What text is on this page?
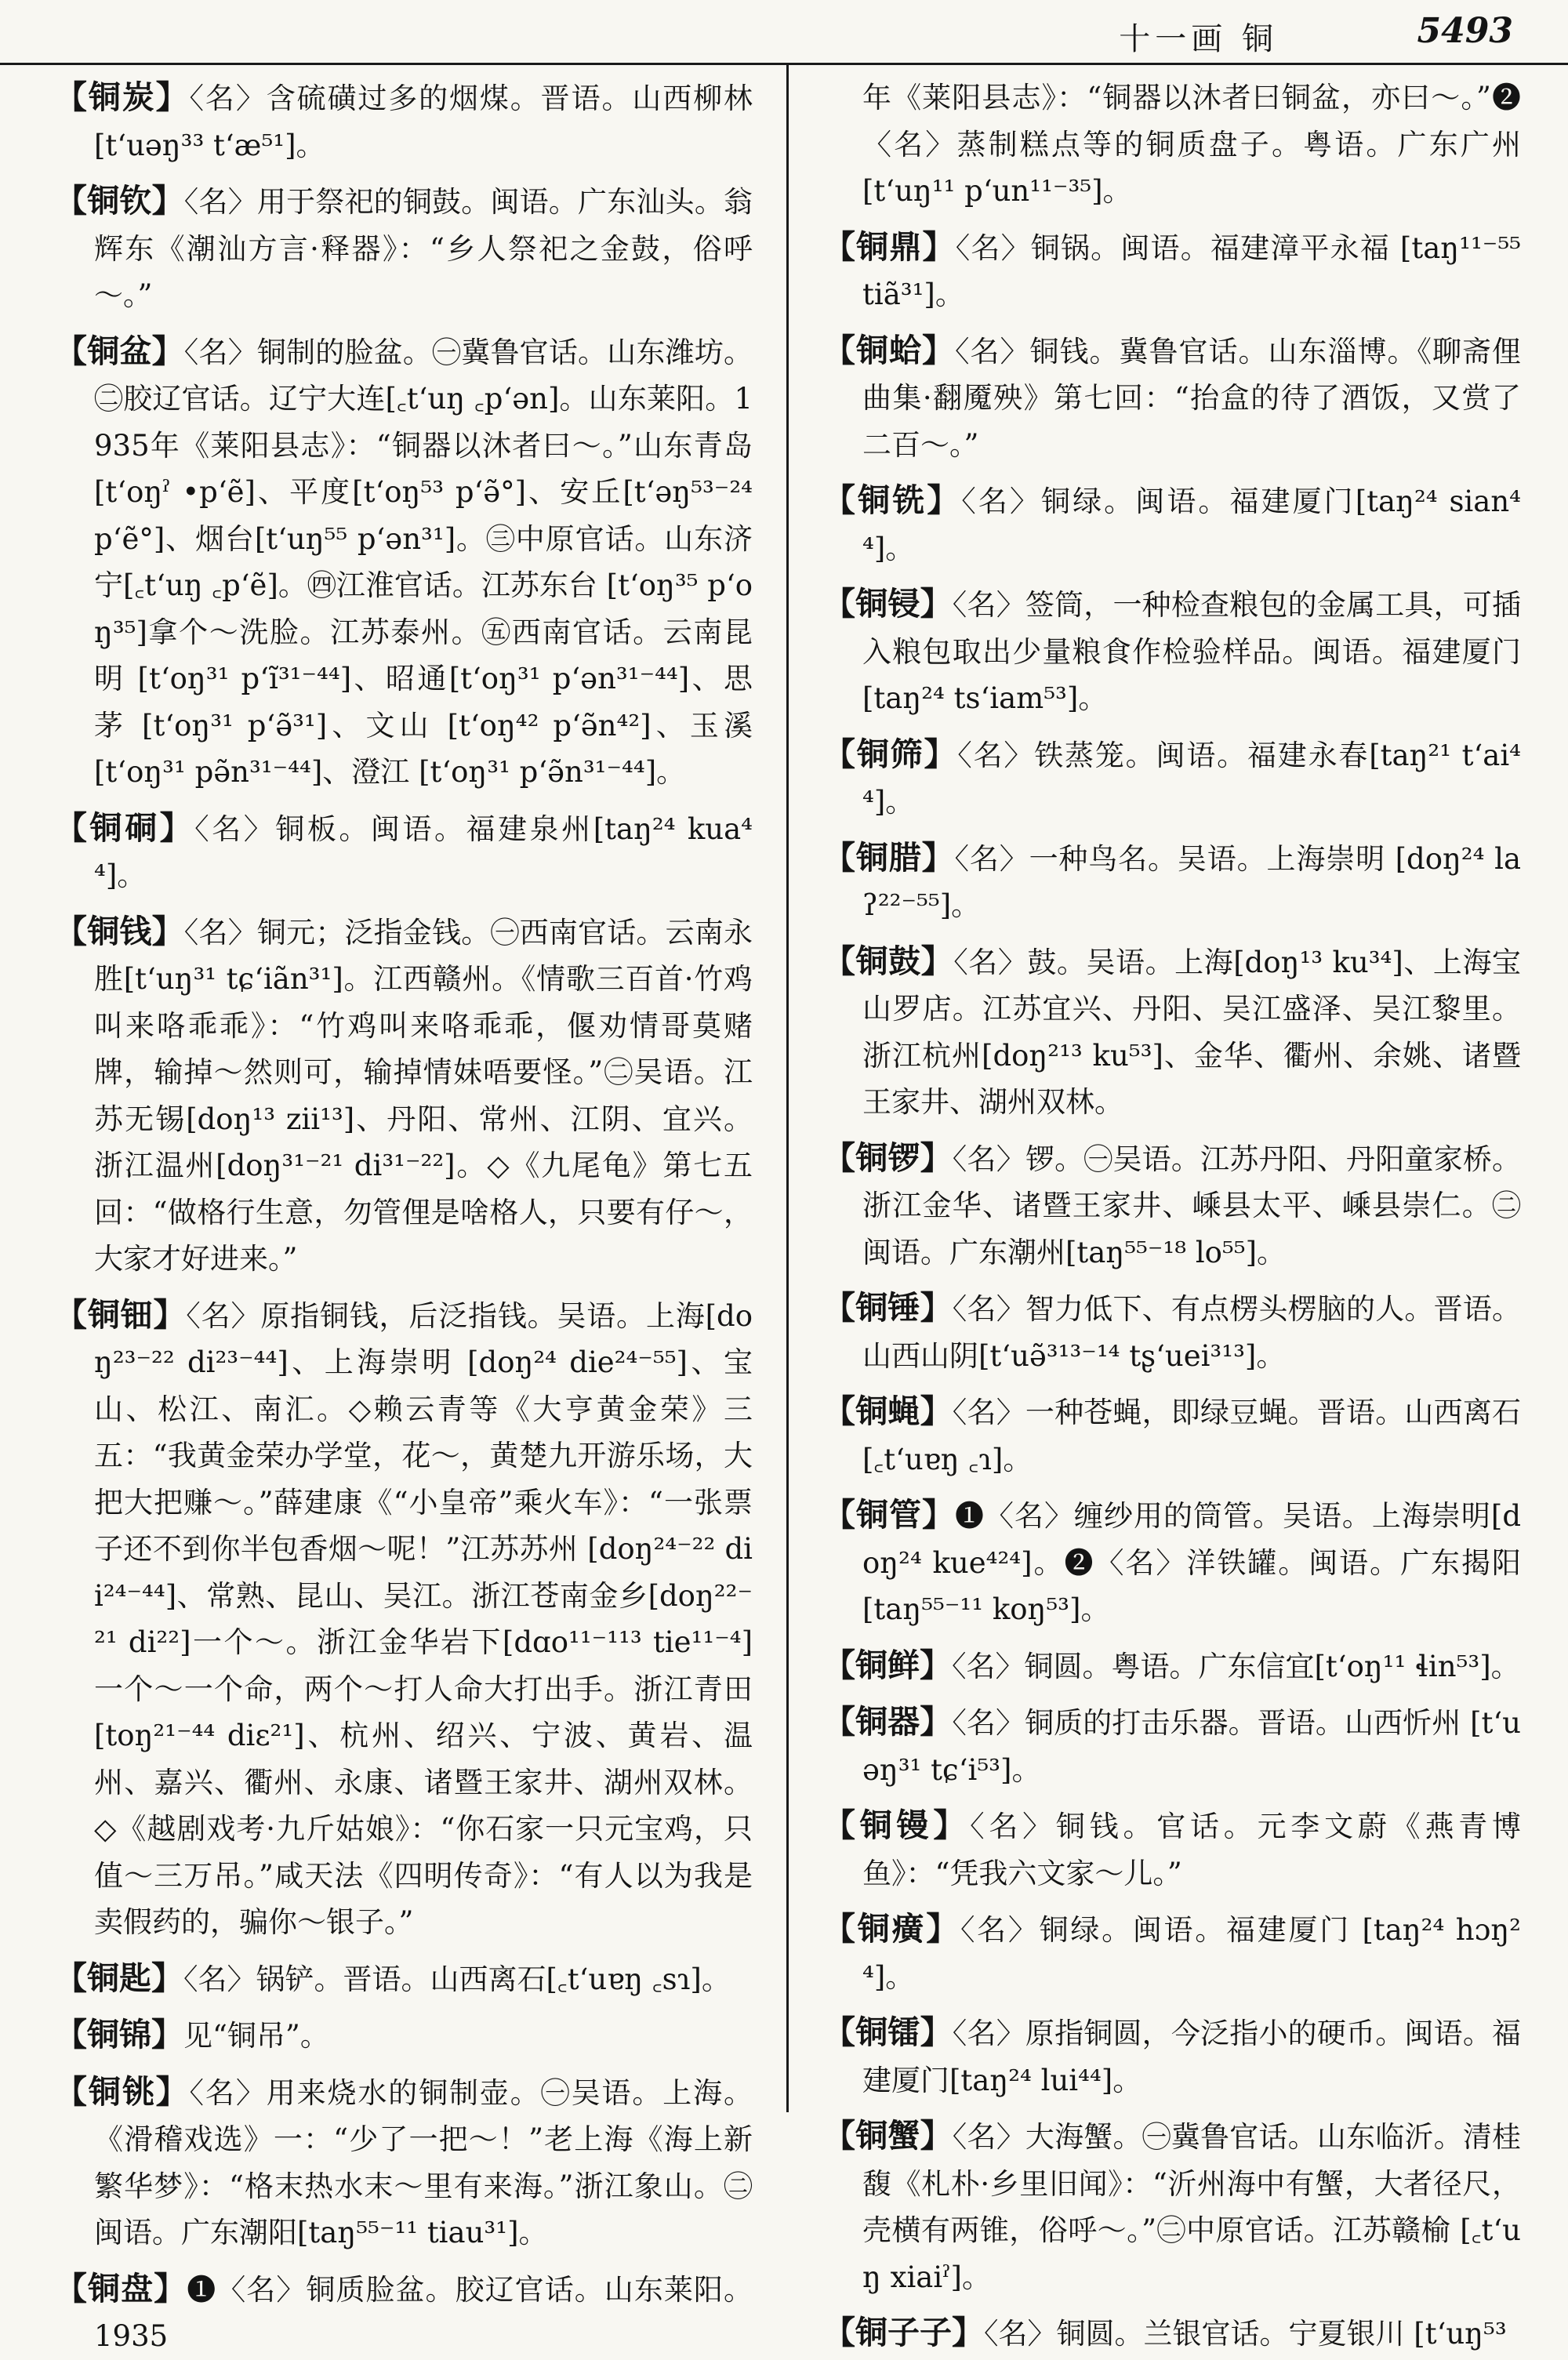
十一画 铜	5493

【铜炭】〈名〉含硫磺过多的烟煤。晋语。山西柳林[t‘uəŋ³³ t‘æ⁵¹]。

【铜钦】〈名〉用于祭祀的铜鼓。闽语。广东汕头。翁辉东《潮汕方言·释器》：“乡人祭祀之金鼓，俗呼～。”

【铜盆】〈名〉铜制的脸盆。㊀冀鲁官话。山东潍坊。㊁胶辽官话。辽宁大连[꜀t‘uŋ ꜀p‘ən]。山东莱阳。1935年《莱阳县志》：“铜器以沐者曰～。”山东青岛 [t‘oŋˀ •p‘ẽ]、平度[t‘oŋ⁵³ p‘ə̃°]、安丘[t‘əŋ⁵³⁻²⁴ p‘ẽ°]、烟台[t‘uŋ⁵⁵ p‘ən³¹]。㊂中原官话。山东济宁[꜀t‘uŋ ꜀p‘ẽ]。㊃江淮官话。江苏东台 [t‘oŋ³⁵ p‘oŋ³⁵]拿个～洗脸。江苏泰州。㊄西南官话。云南昆明 [t‘oŋ³¹ p‘ĩ³¹⁻⁴⁴]、昭通[t‘oŋ³¹ p‘ən³¹⁻⁴⁴]、思茅 [t‘oŋ³¹ p‘ə̃³¹]、文山 [t‘oŋ⁴² p‘ə̃n⁴²]、玉溪 [t‘oŋ³¹ pə̃n³¹⁻⁴⁴]、澄江 [t‘oŋ³¹ p‘ə̃n³¹⁻⁴⁴]。

【铜硐】〈名〉铜板。闽语。福建泉州[taŋ²⁴ kua⁴⁴]。

【铜钱】〈名〉铜元；泛指金钱。㊀西南官话。云南永胜[t‘uŋ³¹ tɕ‘iãn³¹]。江西赣州。《情歌三百首·竹鸡叫来咯乖乖》：“竹鸡叫来咯乖乖，偃劝情哥莫赌牌，输掉～然则可，输掉情妹唔要怪。”㊁吴语。江苏无锡[doŋ¹³ zii¹³]、丹阳、常州、江阴、宜兴。浙江温州[doŋ³¹⁻²¹ di³¹⁻²²]。◇《九尾龟》第七五回：“做格行生意，勿管俚是啥格人，只要有仔～，大家才好进来。”

【铜钿】〈名〉原指铜钱，后泛指钱。吴语。上海[doŋ²³⁻²² di²³⁻⁴⁴]、上海崇明 [doŋ²⁴ die²⁴⁻⁵⁵]、宝山、松江、南汇。◇赖云青等《大亨黄金荣》三五：“我黄金荣办学堂，花～，黄楚九开游乐场，大把大把赚～。”薛建康《“小皇帝”乘火车》：“一张票子还不到你半包香烟～呢！”江苏苏州 [doŋ²⁴⁻²² dii²⁴⁻⁴⁴]、常熟、昆山、吴江。浙江苍南金乡[doŋ²²⁻²¹ di²²]一个～。浙江金华岩下[dɑo¹¹⁻¹¹³ tie¹¹⁻⁴]一个～一个命，两个～打人命大打出手。浙江青田[toŋ²¹⁻⁴⁴ diɛ²¹]、杭州、绍兴、宁波、黄岩、温州、嘉兴、衢州、永康、诸暨王家井、湖州双林。◇《越剧戏考·九斤姑娘》：“你石家一只元宝鸡，只值～三万吊。”咸天法《四明传奇》：“有人以为我是卖假药的，骗你～银子。”

【铜匙】〈名〉锅铲。晋语。山西离石[꜀t‘uɐŋ ꜀sɿ]。

【铜锦】见“铜吊”。

【铜铫】〈名〉用来烧水的铜制壶。㊀吴语。上海。《滑稽戏选》一：“少了一把～！”老上海《海上新繁华梦》：“格末热水末～里有来海。”浙江象山。㊁闽语。广东潮阳[taŋ⁵⁵⁻¹¹ tiau³¹]。

【铜盘】❶〈名〉铜质脸盆。胶辽官话。山东莱阳。1935

年《莱阳县志》：“铜器以沐者曰铜盆，亦曰～。”❷〈名〉蒸制糕点等的铜质盘子。粤语。广东广州 [t‘uŋ¹¹ p‘un¹¹⁻³⁵]。

【铜鼎】〈名〉铜锅。闽语。福建漳平永福 [taŋ¹¹⁻⁵⁵ tiã³¹]。

【铜蛤】〈名〉铜钱。冀鲁官话。山东淄博。《聊斋俚曲集·翻魇殃》第七回：“抬盒的待了酒饭，又赏了二百～。”

【铜铣】〈名〉铜绿。闽语。福建厦门[taŋ²⁴ sian⁴⁴]。

【铜锓】〈名〉签筒，一种检查粮包的金属工具，可插入粮包取出少量粮食作检验样品。闽语。福建厦门 [taŋ²⁴ ts‘iam⁵³]。

【铜筛】〈名〉铁蒸笼。闽语。福建永春[taŋ²¹ t‘ai⁴⁴]。

【铜腊】〈名〉一种鸟名。吴语。上海崇明 [doŋ²⁴ laʔ²²⁻⁵⁵]。

【铜鼓】〈名〉鼓。吴语。上海[doŋ¹³ ku³⁴]、上海宝山罗店。江苏宜兴、丹阳、吴江盛泽、吴江黎里。浙江杭州[doŋ²¹³ ku⁵³]、金华、衢州、余姚、诸暨王家井、湖州双林。

【铜锣】〈名〉锣。㊀吴语。江苏丹阳、丹阳童家桥。浙江金华、诸暨王家井、嵊县太平、嵊县崇仁。㊁闽语。广东潮州[taŋ⁵⁵⁻¹⁸ lo⁵⁵]。

【铜锤】〈名〉智力低下、有点楞头楞脑的人。晋语。山西山阴[t‘uə̃³¹³⁻¹⁴ tʂ‘uei³¹³]。

【铜蝇】〈名〉一种苍蝇，即绿豆蝇。晋语。山西离石[꜀t‘uɐŋ ꜀ɿ]。

【铜管】❶〈名〉缠纱用的筒管。吴语。上海崇明[doŋ²⁴ kue⁴²⁴]。❷〈名〉洋铁罐。闽语。广东揭阳 [taŋ⁵⁵⁻¹¹ koŋ⁵³]。

【铜鲜】〈名〉铜圆。粤语。广东信宜[t‘oŋ¹¹ ɬin⁵³]。

【铜器】〈名〉铜质的打击乐器。晋语。山西忻州 [t‘uəŋ³¹ tɕ‘i⁵³]。

【铜镘】〈名〉铜钱。官话。元李文蔚《燕青博鱼》：“凭我六文家～儿。”

【铜癀】〈名〉铜绿。闽语。福建厦门 [taŋ²⁴ hɔŋ²⁴]。

【铜镭】〈名〉原指铜圆，今泛指小的硬币。闽语。福建厦门[taŋ²⁴ lui⁴⁴]。

【铜蟹】〈名〉大海蟹。㊀冀鲁官话。山东临沂。清桂馥《札朴·乡里旧闻》：“沂州海中有蟹，大者径尺，壳横有两锥，俗呼～。”㊁中原官话。江苏赣榆 [꜀t‘uŋ xiaiˀ]。

【铜子子】〈名〉铜圆。兰银官话。宁夏银川 [t‘uŋ⁵³
